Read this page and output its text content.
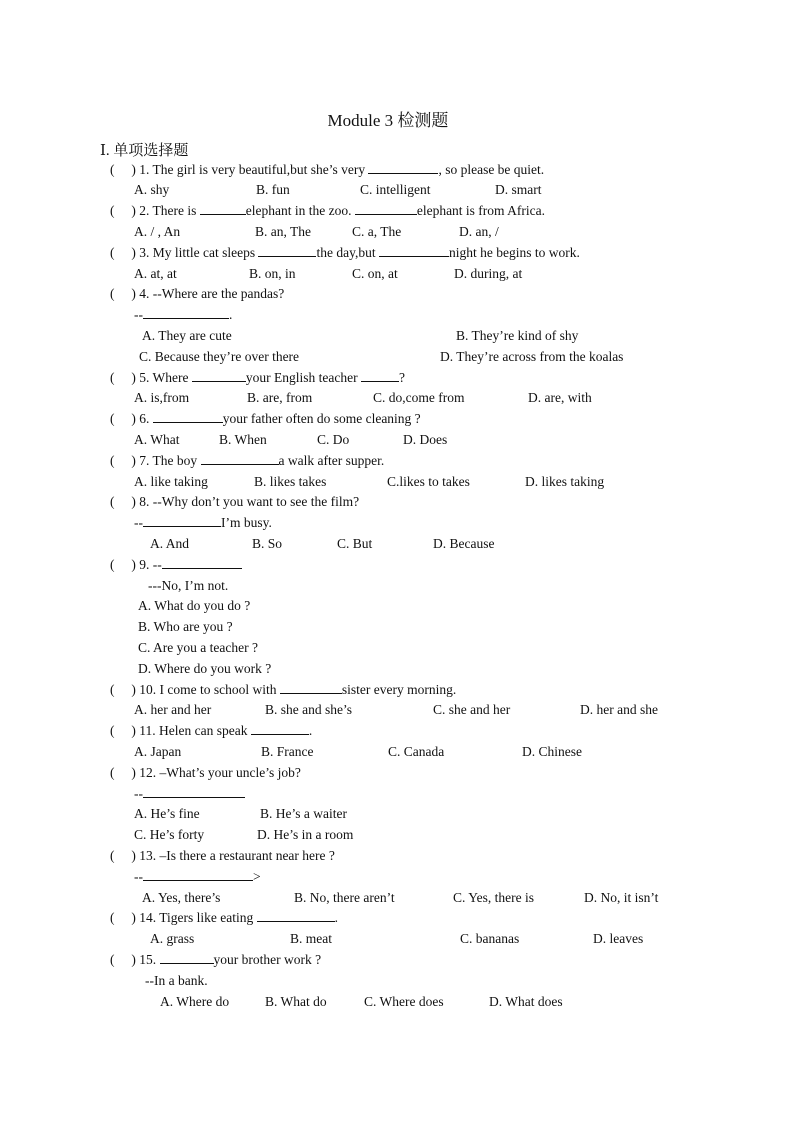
Module 3 检测题
Ⅰ. 单项选择题
( ) 1. The girl is very beautiful,but she’s very	, so please be quiet.
A. shy	B. fun	C. intelligent	D. smart
( ) 2. There is	elephant in the zoo.	elephant is from Africa.
A. / , An	B. an, The	C. a, The	D. an, /
( ) 3. My little cat sleeps	the day,but	night he begins to work.
A. at, at	B. on, in	C. on, at	D. during, at
( ) 4. --Where are the pandas?
--	.
A. They are cute	B. They’re kind of shy
C. Because they’re over there	D. They’re across from the koalas
( ) 5. Where	your English teacher	?
A. is,from	B. are, from	C. do,come from	D. are, with
( ) 6.	your father often do some cleaning ?
A. What	B. When	C. Do	D. Does
( ) 7. The boy	a walk after supper.
A. like taking	B. likes takes	C.likes to takes	D. likes taking
( ) 8. --Why don’t you want to see the film?
--	I’m busy.
A. And	B. So	C. But	D. Because
( ) 9. --
---No, I’m not.
A. What do you do ?
B. Who are you ?
C. Are you a teacher ?
D. Where do you work ?
( ) 10. I come to school with	sister every morning.
A. her and her	B. she and she’s	C. she and her	D. her and she
( ) 11. Helen can speak	.
A. Japan	B. France	C. Canada	D. Chinese
( ) 12. –What’s your uncle’s job?
--
A. He’s fine	B. He’s a waiter
C. He’s forty	D. He’s in a room
( ) 13. –Is there a restaurant near here ?
--	>
A. Yes, there’s	B. No, there aren’t	C. Yes, there is	D. No, it isn’t
( ) 14. Tigers like eating	.
A. grass	B. meat	C. bananas	D. leaves
( ) 15.	your brother work ?
--In a bank.
A. Where do	B. What do	C. Where does	D. What does
